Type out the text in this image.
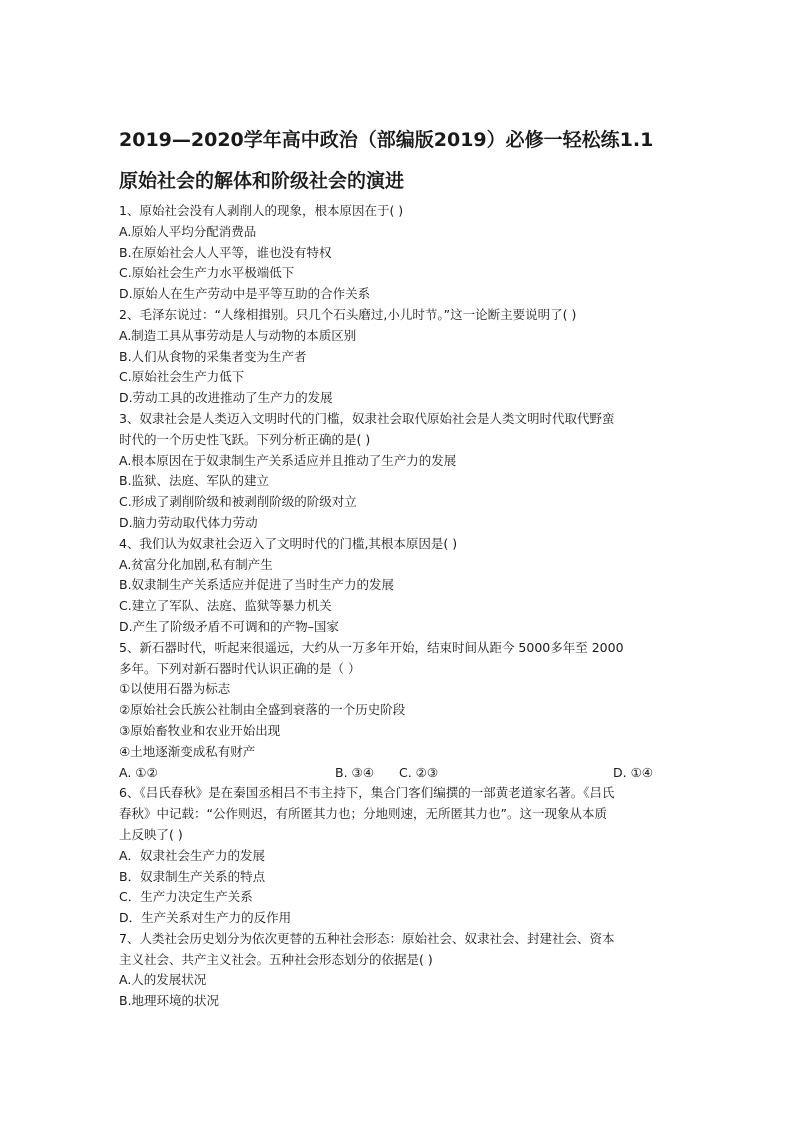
2019—2020学年高中政治（部编版2019）必修一轻松练1.1
原始社会的解体和阶级社会的演进
1、原始社会没有人剥削人的现象，根本原因在于( )
A.原始人平均分配消费品
B.在原始社会人人平等，谁也没有特权
C.原始社会生产力水平极端低下
D.原始人在生产劳动中是平等互助的合作关系
2、毛泽东说过：“人缘相揖别。只几个石头磨过,小儿时节。”这一论断主要说明了( )
A.制造工具从事劳动是人与动物的本质区别
B.人们从食物的采集者变为生产者
C.原始社会生产力低下
D.劳动工具的改进推动了生产力的发展
3、奴隶社会是人类迈入文明时代的门槛，奴隶社会取代原始社会是人类文明时代取代野蛮
时代的一个历史性飞跃。下列分析正确的是( )
A.根本原因在于奴隶制生产关系适应并且推动了生产力的发展
B.监狱、法庭、军队的建立
C.形成了剥削阶级和被剥削阶级的阶级对立
D.脑力劳动取代体力劳动
4、我们认为奴隶社会迈入了文明时代的门槛,其根本原因是( )
A.贫富分化加剧,私有制产生
B.奴隶制生产关系适应并促进了当时生产力的发展
C.建立了军队、法庭、监狱等暴力机关
D.产生了阶级矛盾不可调和的产物–国家
5、新石器时代，听起来很遥远，大约从一万多年开始，结束时间从距今 5000多年至 2000
多年。下列对新石器时代认识正确的是（ ）
①以使用石器为标志
②原始社会氏族公社制由全盛到衰落的一个历史阶段
③原始畜牧业和农业开始出现
④土地逐渐变成私有财产
A. ①②	B. ③④ C. ②③	D. ①④
6、《吕氏春秋》是在秦国丞相吕不韦主持下，集合门客们编撰的一部黄老道家名著。《吕氏
春秋》中记载：“公作则迟，有所匿其力也；分地则速，无所匿其力也”。这一现象从本质
上反映了( )
A．奴隶社会生产力的发展
B．奴隶制生产关系的特点
C．生产力决定生产关系
D．生产关系对生产力的反作用
7、人类社会历史划分为依次更替的五种社会形态：原始社会、奴隶社会、封建社会、资本
主义社会、共产主义社会。五种社会形态划分的依据是( )
A.人的发展状况
B.地理环境的状况
